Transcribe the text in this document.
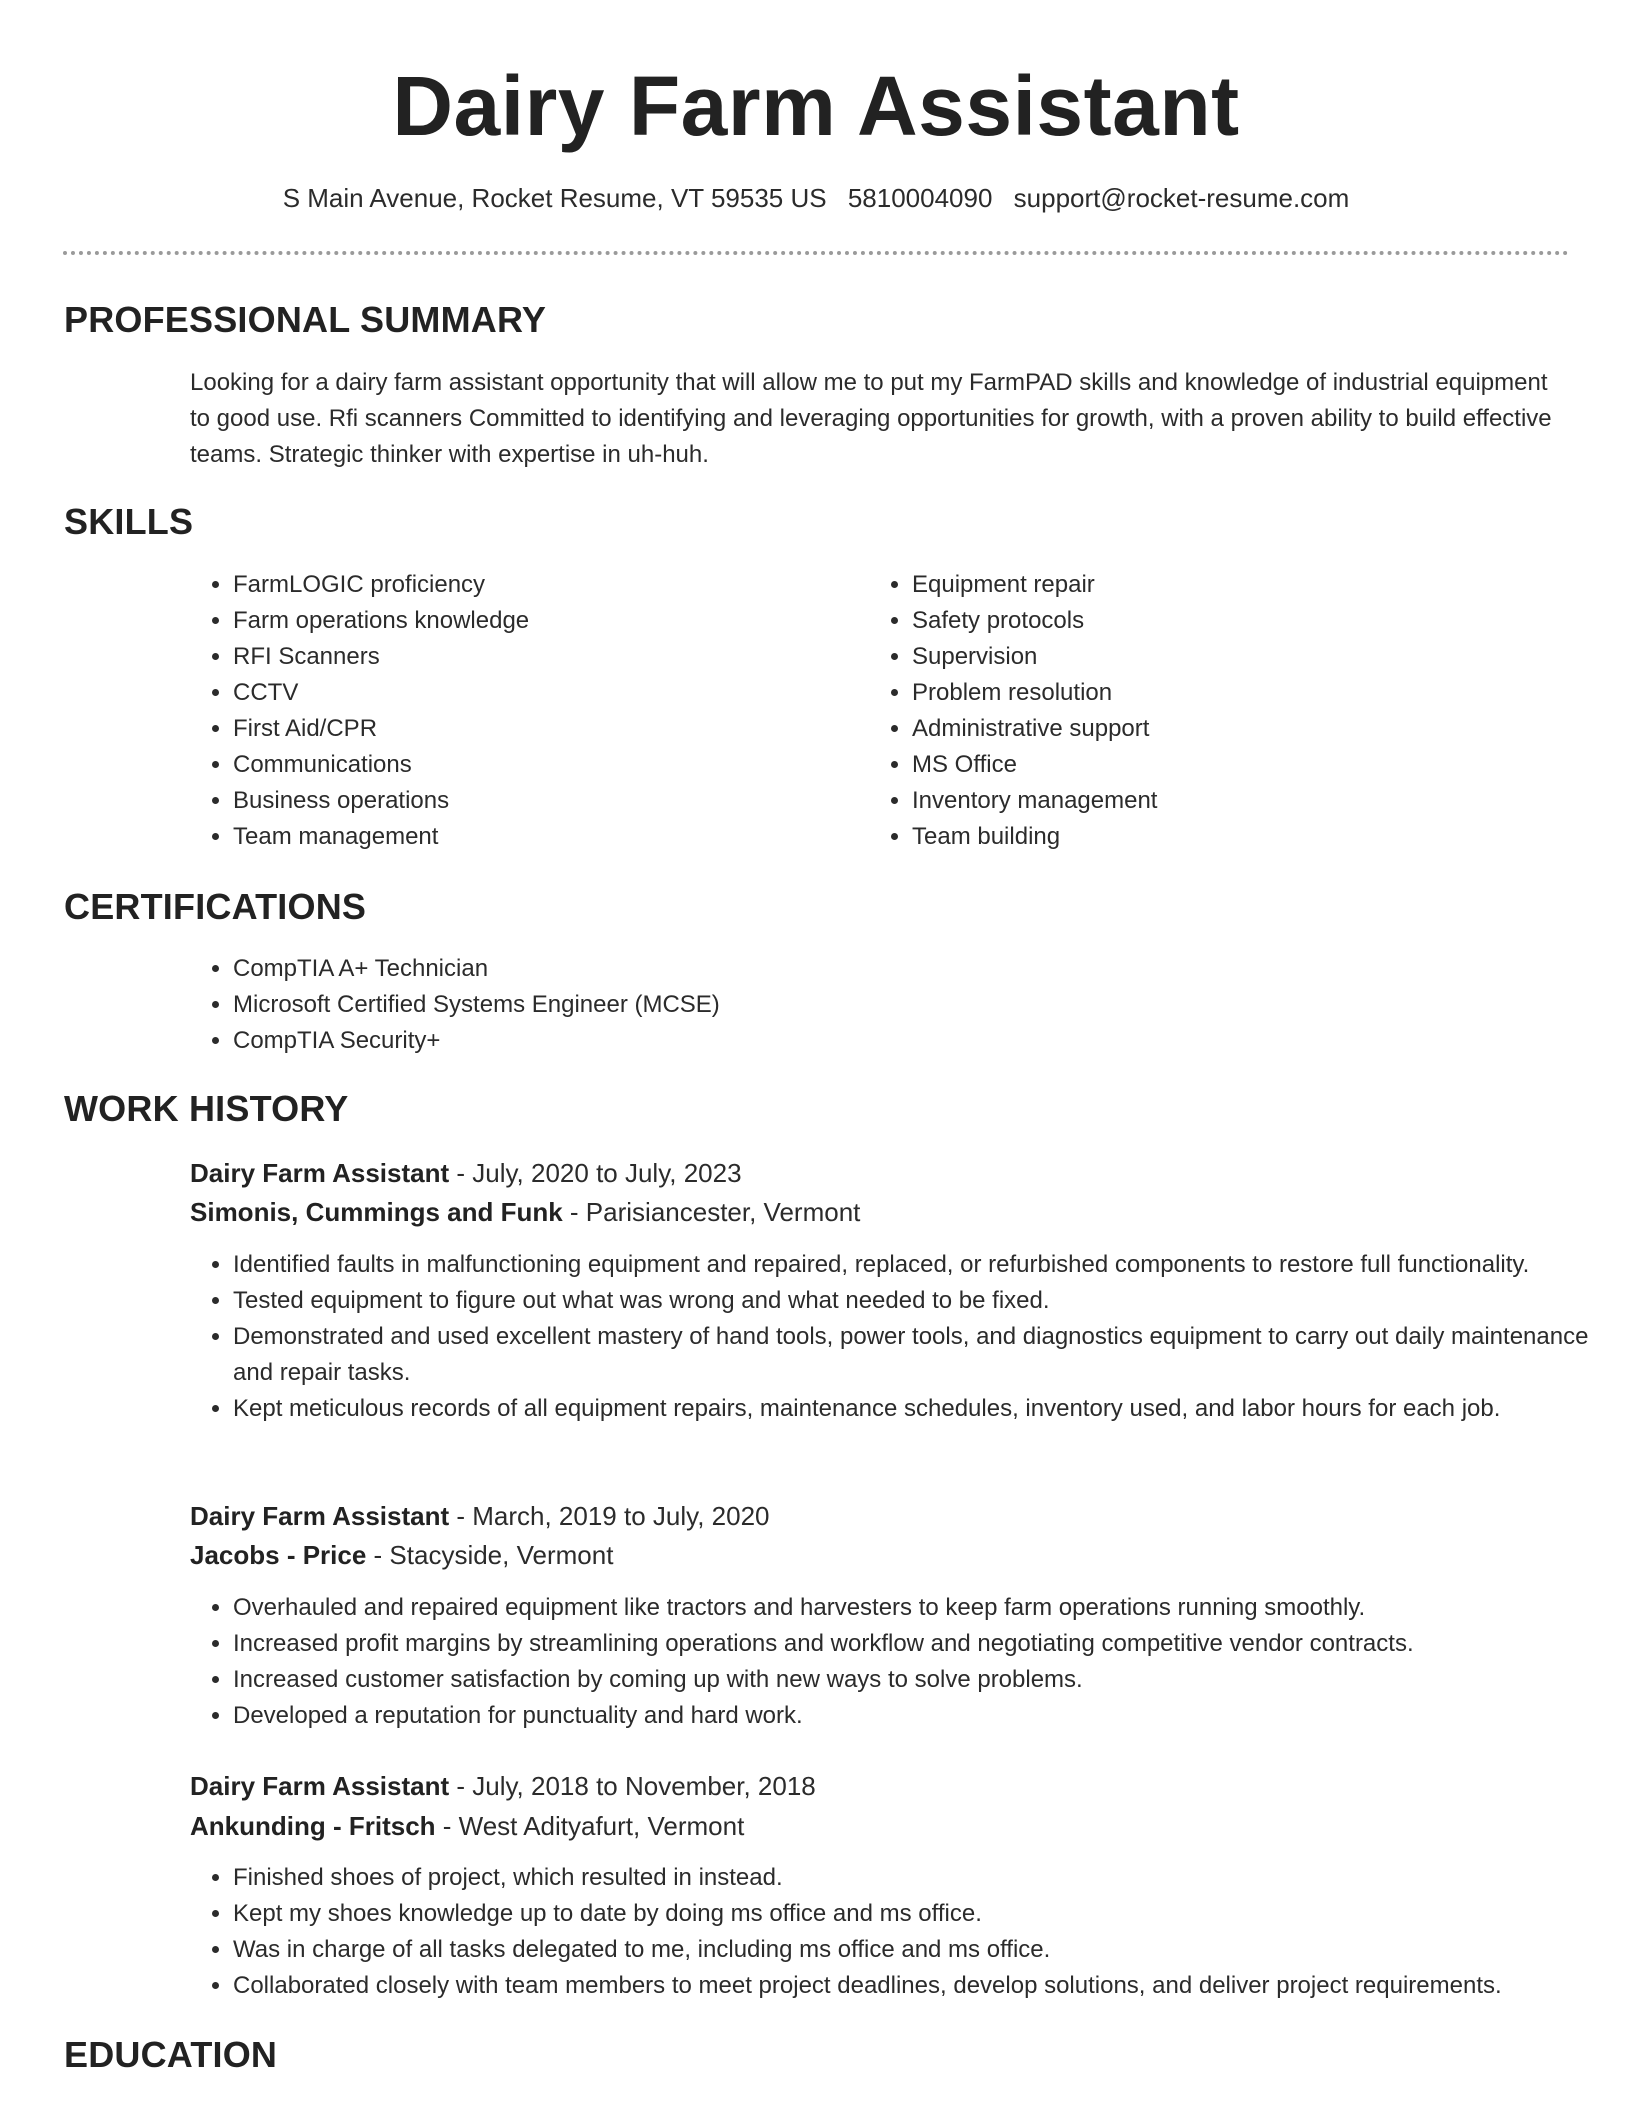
Dairy Farm Assistant
S Main Avenue, Rocket Resume, VT 59535 US 5810004090 support@rocket-resume.com
PROFESSIONAL SUMMARY

Looking for a dairy farm assistant opportunity that will allow me to put my FarmPAD skills and knowledge of industrial equipment to good use. Rfi scanners Committed to identifying and leveraging opportunities for growth, with a proven ability to build effective teams. Strategic thinker with expertise in uh-huh.

SKILLS
• FarmLOGIC proficiency
• Farm operations knowledge
• RFI Scanners
• CCTV
• First Aid/CPR
• Communications
• Business operations
• Team management
• Equipment repair
• Safety protocols
• Supervision
• Problem resolution
• Administrative support
• MS Office
• Inventory management
• Team building
CERTIFICATIONS
• CompTIA A+ Technician
• Microsoft Certified Systems Engineer (MCSE)
• CompTIA Security+
WORK HISTORY
Dairy Farm Assistant - July, 2020 to July, 2023
Simonis, Cummings and Funk - Parisiancester, Vermont
• Identified faults in malfunctioning equipment and repaired, replaced, or refurbished components to restore full functionality.
• Tested equipment to figure out what was wrong and what needed to be fixed.
• Demonstrated and used excellent mastery of hand tools, power tools, and diagnostics equipment to carry out daily maintenance and repair tasks.
• Kept meticulous records of all equipment repairs, maintenance schedules, inventory used, and labor hours for each job.
Dairy Farm Assistant - March, 2019 to July, 2020
Jacobs - Price - Stacyside, Vermont
• Overhauled and repaired equipment like tractors and harvesters to keep farm operations running smoothly.
• Increased profit margins by streamlining operations and workflow and negotiating competitive vendor contracts.
• Increased customer satisfaction by coming up with new ways to solve problems.
• Developed a reputation for punctuality and hard work.
Dairy Farm Assistant - July, 2018 to November, 2018
Ankunding - Fritsch - West Adityafurt, Vermont
• Finished shoes of project, which resulted in instead.
• Kept my shoes knowledge up to date by doing ms office and ms office.
• Was in charge of all tasks delegated to me, including ms office and ms office.
• Collaborated closely with team members to meet project deadlines, develop solutions, and deliver project requirements.
EDUCATION
